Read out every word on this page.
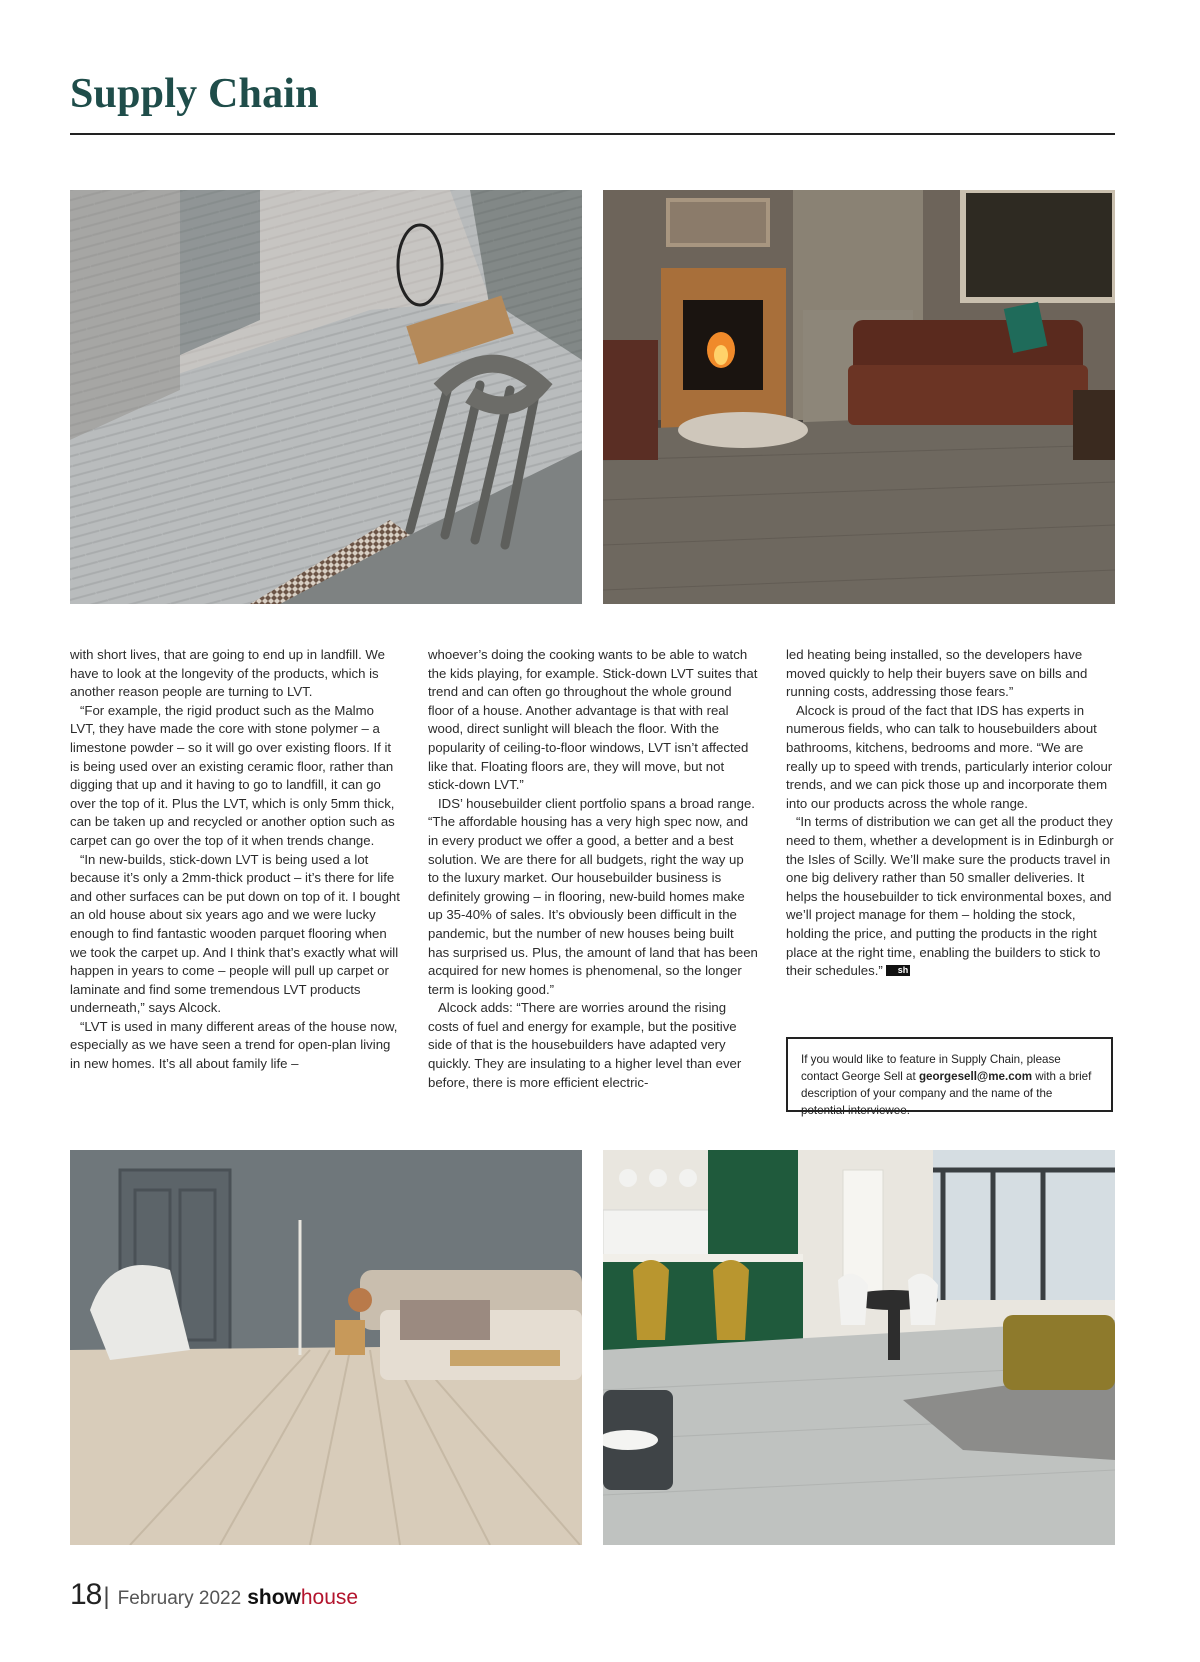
Supply Chain

with short lives, that are going to end up in landfill. We have to look at the longevity of the products, which is another reason people are turning to LVT.

“For example, the rigid product such as the Malmo LVT, they have made the core with stone polymer – a limestone powder – so it will go over existing floors. If it is being used over an existing ceramic floor, rather than digging that up and it having to go to landfill, it can go over the top of it. Plus the LVT, which is only 5mm thick, can be taken up and recycled or another option such as carpet can go over the top of it when trends change.

“In new-builds, stick-down LVT is being used a lot because it’s only a 2mm-thick product – it’s there for life and other surfaces can be put down on top of it. I bought an old house about six years ago and we were lucky enough to find fantastic wooden parquet flooring when we took the carpet up. And I think that’s exactly what will happen in years to come – people will pull up carpet or laminate and find some tremendous LVT products underneath,” says Alcock.

“LVT is used in many different areas of the house now, especially as we have seen a trend for open-plan living in new homes. It’s all about family life –

whoever’s doing the cooking wants to be able to watch the kids playing, for example. Stick-down LVT suites that trend and can often go throughout the whole ground floor of a house. Another advantage is that with real wood, direct sunlight will bleach the floor. With the popularity of ceiling-to-floor windows, LVT isn’t affected like that. Floating floors are, they will move, but not stick-down LVT.”

IDS’ housebuilder client portfolio spans a broad range. “The affordable housing has a very high spec now, and in every product we offer a good, a better and a best solution. We are there for all budgets, right the way up to the luxury market. Our housebuilder business is definitely growing – in flooring, new-build homes make up 35-40% of sales. It’s obviously been difficult in the pandemic, but the number of new houses being built has surprised us. Plus, the amount of land that has been acquired for new homes is phenomenal, so the longer term is looking good.”

Alcock adds: “There are worries around the rising costs of fuel and energy for example, but the positive side of that is the housebuilders have adapted very quickly. They are insulating to a higher level than ever before, there is more efficient electric-

led heating being installed, so the developers have moved quickly to help their buyers save on bills and running costs, addressing those fears.”

Alcock is proud of the fact that IDS has experts in numerous fields, who can talk to housebuilders about bathrooms, kitchens, bedrooms and more. “We are really up to speed with trends, particularly interior colour trends, and we can pick those up and incorporate them into our products across the whole range.

“In terms of distribution we can get all the product they need to them, whether a development is in Edinburgh or the Isles of Scilly. We’ll make sure the products travel in one big delivery rather than 50 smaller deliveries. It helps the housebuilder to tick environmental boxes, and we’ll project manage for them – holding the stock, holding the price, and putting the products in the right place at the right time, enabling the builders to stick to their schedules.” sh

If you would like to feature in Supply Chain, please contact George Sell at georgesell@me.com with a brief description of your company and the name of the potential interviewee.
18 | February 2022 show house
